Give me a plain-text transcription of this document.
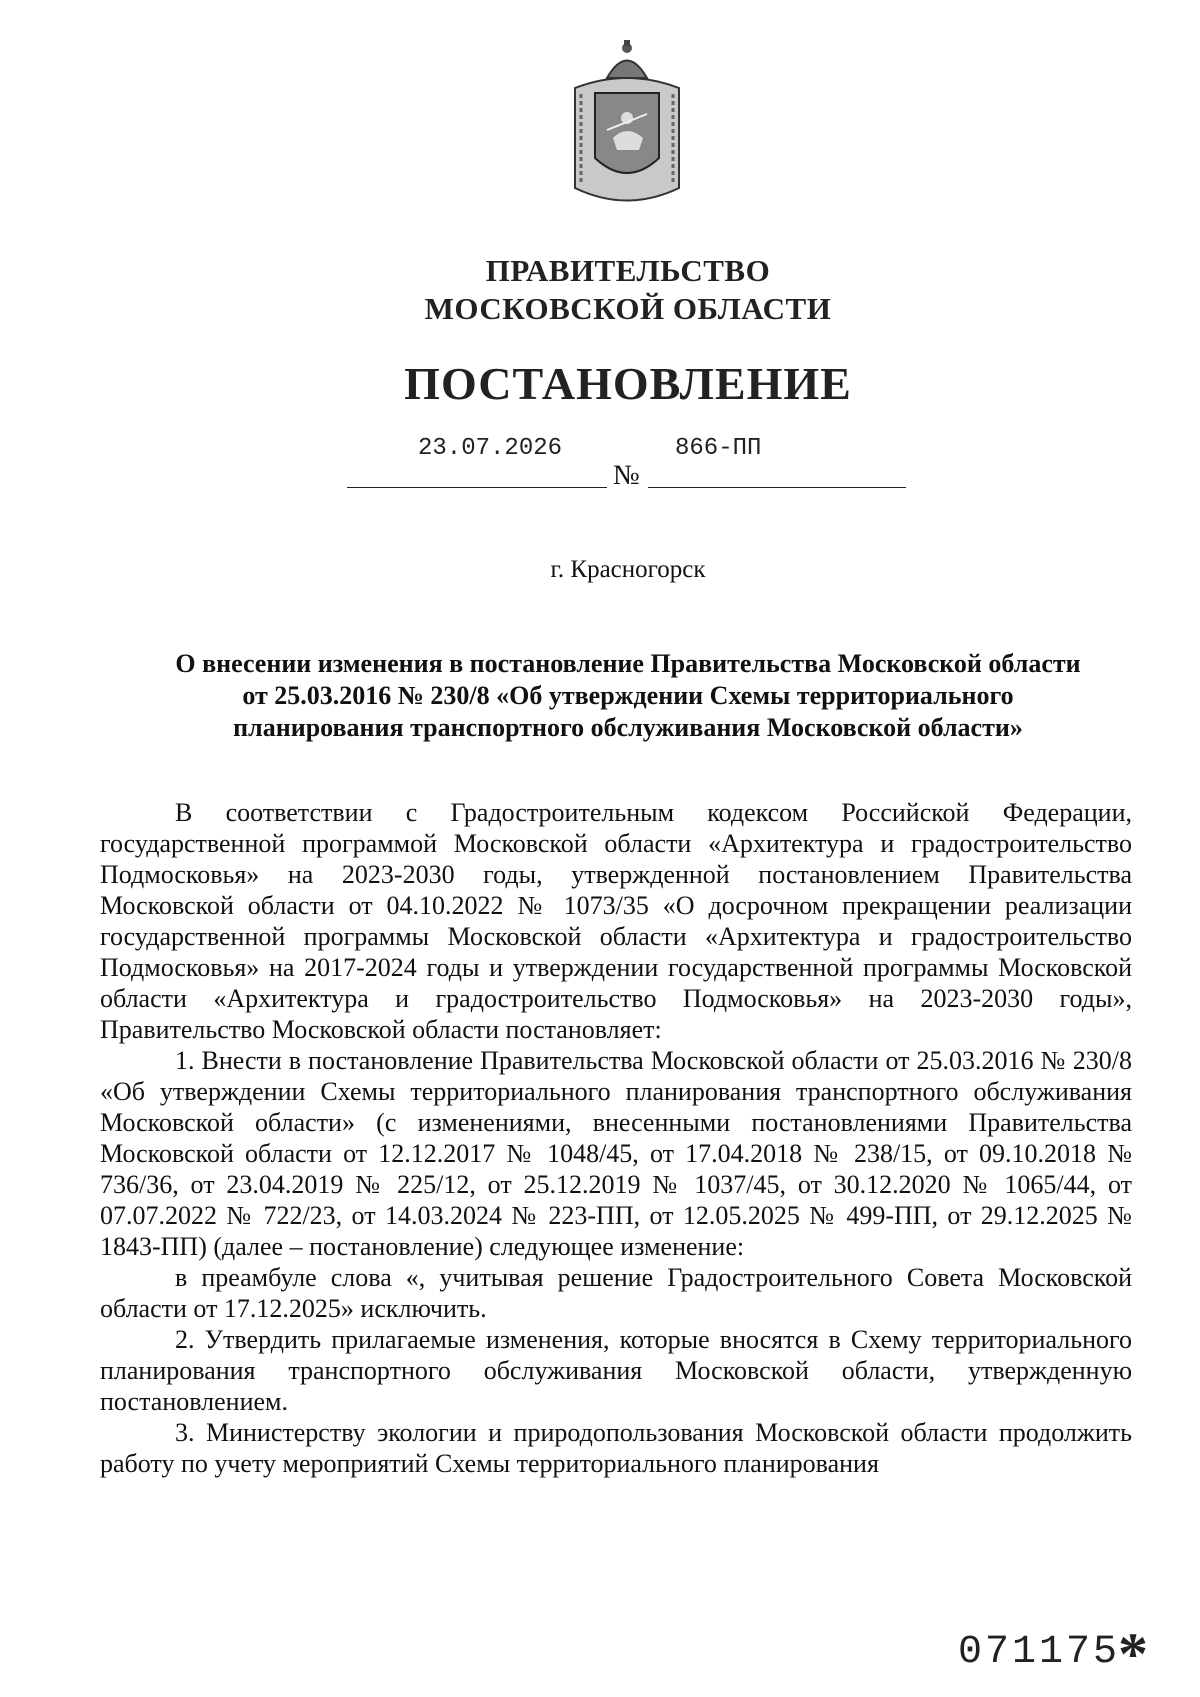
ПРАВИТЕЛЬСТВО
МОСКОВСКОЙ ОБЛАСТИ
ПОСТАНОВЛЕНИЕ
23.07.2026
№
866-ПП
г. Красногорск
О внесении изменения в постановление Правительства Московской области
от 25.03.2016 № 230/8 «Об утверждении Схемы территориального
планирования транспортного обслуживания Московской области»

В соответствии с Градостроительным кодексом Российской Федерации, государственной программой Московской области «Архитектура и градостроительство Подмосковья» на 2023-2030 годы, утвержденной постановлением Правительства Московской области от 04.10.2022 № 1073/35 «О досрочном прекращении реализации государственной программы Московской области «Архитектура и градостроительство Подмосковья» на 2017-2024 годы и утверждении государственной программы Московской области «Архитектура и градостроительство Подмосковья» на 2023-2030 годы», Правительство Московской области постановляет:

1. Внести в постановление Правительства Московской области от 25.03.2016 № 230/8 «Об утверждении Схемы территориального планирования транспортного обслуживания Московской области» (с изменениями, внесенными постановлениями Правительства Московской области от 12.12.2017 № 1048/45, от 17.04.2018 № 238/15, от 09.10.2018 № 736/36, от 23.04.2019 № 225/12, от 25.12.2019 № 1037/45, от 30.12.2020 № 1065/44, от 07.07.2022 № 722/23, от 14.03.2024 № 223-ПП, от 12.05.2025 № 499-ПП, от 29.12.2025 № 1843-ПП) (далее – постановление) следующее изменение:

в преамбуле слова «, учитывая решение Градостроительного Совета Московской области от 17.12.2025» исключить.

2. Утвердить прилагаемые изменения, которые вносятся в Схему территориального планирования транспортного обслуживания Московской области, утвержденную постановлением.

3. Министерству экологии и природопользования Московской области продолжить работу по учету мероприятий Схемы территориального планирования

071175
*
